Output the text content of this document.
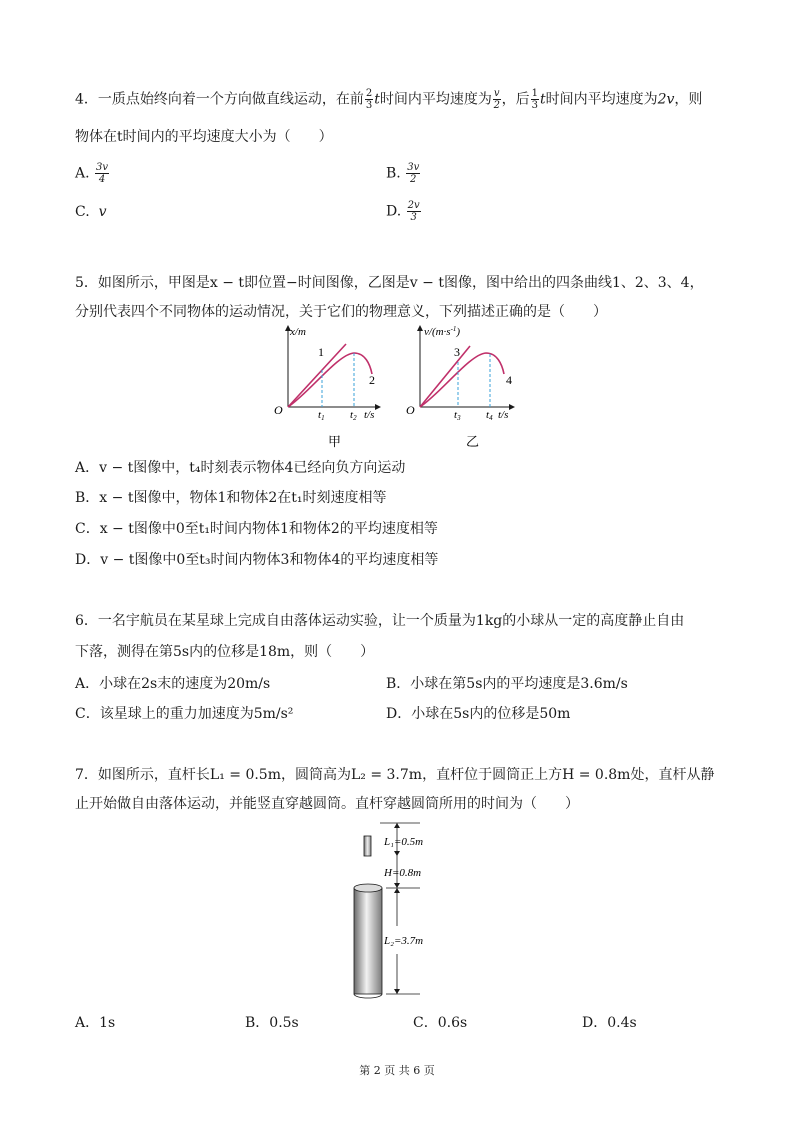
4．一质点始终向着一个方向做直线运动，在前 $\frac{2}{3}$ t时间内平均速度为 $\frac{v}{2}$ ，后 $\frac{1}{3}$ t时间内平均速度为2v，则
物体在t时间内的平均速度大小为（　　）
A. $\frac{3v}{4}$	B. $\frac{3v}{2}$
C. v	D. $\frac{2v}{3}$
5．如图所示，甲图是x − t即位置−时间图像，乙图是v − t图像，图中给出的四条曲线1、2、3、4，
分别代表四个不同物体的运动情况，关于它们的物理意义，下列描述正确的是（　　）
x/m
1
2
O	t1 t2 t/s
甲
$v/(m\cdot s^{-1})$
3
4
O	t3 t4 t/s
乙
A．v − t图像中，t₄时刻表示物体4已经向负方向运动
B．x − t图像中，物体1和物体2在t₁时刻速度相等
C．x − t图像中0至t₁时间内物体1和物体2的平均速度相等
D．v − t图像中0至t₃时间内物体3和物体4的平均速度相等
6．一名宇航员在某星球上完成自由落体运动实验，让一个质量为1kg的小球从一定的高度静止自由
下落，测得在第5s内的位移是18m，则（　　）
A．小球在2s末的速度为20m/s	B．小球在第5s内的平均速度是3.6m/s
C．该星球上的重力加速度为5m/s²	D．小球在5s内的位移是50m
7．如图所示，直杆长L₁ = 0.5m，圆筒高为L₂ = 3.7m，直杆位于圆筒正上方H = 0.8m处，直杆从静
止开始做自由落体运动，并能竖直穿越圆筒。直杆穿越圆筒所用的时间为（　　）
L₁=0.5m
H=0.8m
L₂=3.7m
A．1s	B．0.5s	C．0.6s	D．0.4s
第 2 页 共 6 页
